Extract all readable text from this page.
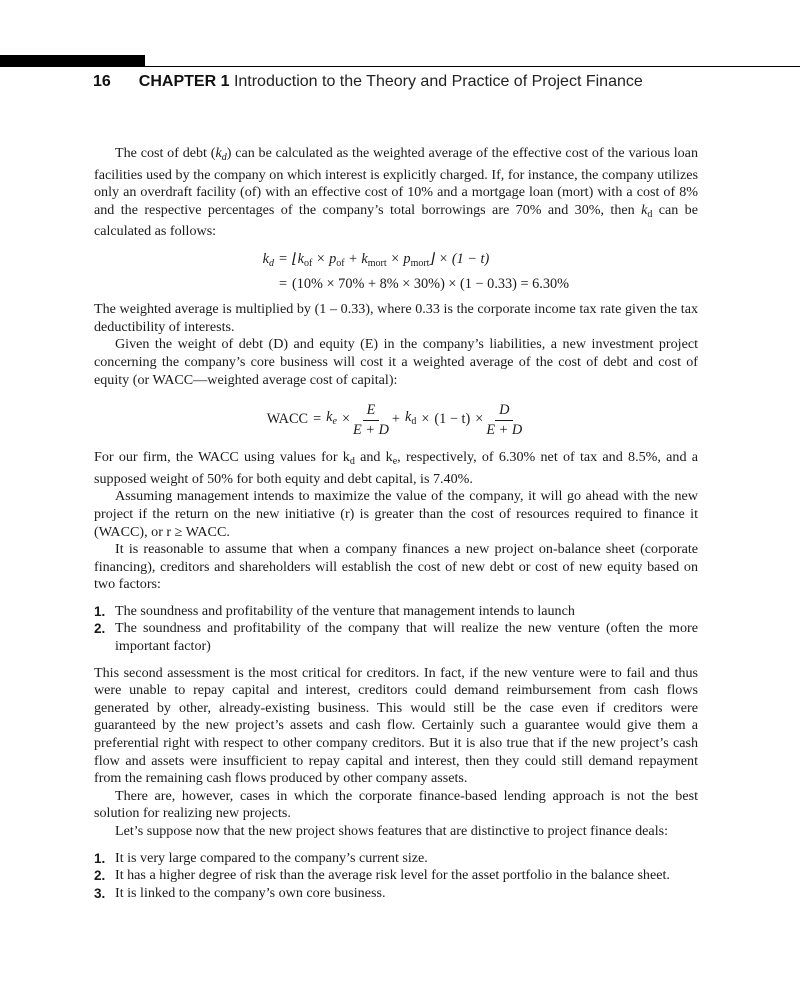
16 CHAPTER 1 Introduction to the Theory and Practice of Project Finance

The cost of debt $(k_d)$ can be calculated as the weighted average of the effective cost of the various loan facilities used by the company on which interest is explicitly charged. If, for instance, the company utilizes only an overdraft facility (of) with an effective cost of 10% and a mortgage loan (mort) with a cost of 8% and the respective percentages of the company’s total borrowings are 70% and 30%, then $k_d$ can be calculated as follows:

$k_d$ = $⌊k_{of} \times p_{of} + k_{mort}$ × $p_{mort}⌋ \times (1 - t)$
= (10% × 70% + 8% × 30%) × (1 − 0.33) = 6.30%

The weighted average is multiplied by (1 – 0.33), where 0.33 is the corporate income tax rate given the tax deductibility of interests.

Given the weight of debt (D) and equity (E) in the company’s liabilities, a new investment project concerning the company’s core business will cost it a weighted average of the cost of debt and cost of equity (or WACC—weighted average cost of capital):

WACC = $k_e \times \frac{E}{E + D} + k_d \times (1 - t) \times \frac{D}{E + D}$

For our firm, the WACC using values for $k_d$ and $k_e$, respectively, of 6.30% net of tax and 8.5%, and a supposed weight of 50% for both equity and debt capital, is 7.40%.

Assuming management intends to maximize the value of the company, it will go ahead with the new project if the return on the new initiative (r) is greater than the cost of resources required to finance it (WACC), or r ≥ WACC.

It is reasonable to assume that when a company finances a new project on-balance sheet (corporate financing), creditors and shareholders will establish the cost of new debt or cost of new equity based on two factors:

1. The soundness and profitability of the venture that management intends to launch
2. The soundness and profitability of the company that will realize the new venture (often the more important factor)

This second assessment is the most critical for creditors. In fact, if the new venture were to fail and thus were unable to repay capital and interest, creditors could demand reimbursement from cash flows generated by other, already-existing business. This would still be the case even if creditors were guaranteed by the new project’s assets and cash flow. Certainly such a guarantee would give them a preferential right with respect to other company creditors. But it is also true that if the new project’s cash flow and assets were insufficient to repay capital and interest, then they could still demand repayment from the remaining cash flows produced by other company assets.

There are, however, cases in which the corporate finance-based lending approach is not the best solution for realizing new projects.

Let’s suppose now that the new project shows features that are distinctive to project finance deals:

1. It is very large compared to the company’s current size.
2. It has a higher degree of risk than the average risk level for the asset portfolio in the balance sheet.
3. It is linked to the company’s own core business.
